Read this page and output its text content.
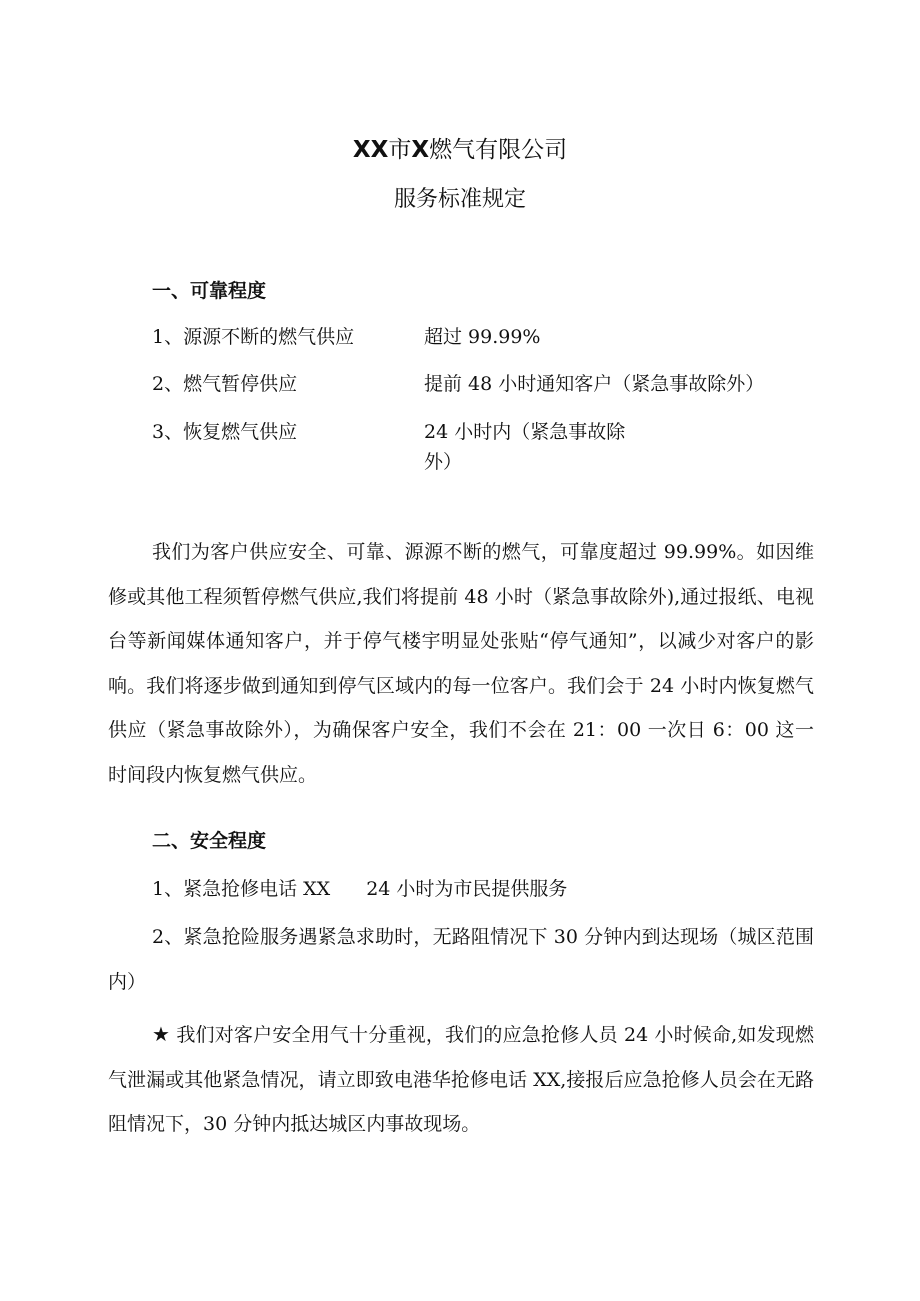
XX市X燃气有限公司
服务标准规定
一、可靠程度
1、源源不断的燃气供应	超过 99.99%
2、燃气暂停供应	提前 48 小时通知客户（紧急事故除外）
3、恢复燃气供应	24 小时内（紧急事故除外）

我们为客户供应安全、可靠、源源不断的燃气，可靠度超过 99.99%。如因维修或其他工程须暂停燃气供应,我们将提前 48 小时（紧急事故除外),通过报纸、电视台等新闻媒体通知客户，并于停气楼宇明显处张贴“停气通知”，以减少对客户的影响。我们将逐步做到通知到停气区域内的每一位客户。我们会于 24 小时内恢复燃气供应（紧急事故除外），为确保客户安全，我们不会在 21：00 一次日 6：00 这一时间段内恢复燃气供应。

二、安全程度
1、紧急抢修电话 XX 24 小时为市民提供服务

2、紧急抢险服务遇紧急求助时，无路阻情况下 30 分钟内到达现场（城区范围内）

★ 我们对客户安全用气十分重视，我们的应急抢修人员 24 小时候命,如发现燃气泄漏或其他紧急情况，请立即致电港华抢修电话 XX,接报后应急抢修人员会在无路阻情况下，30 分钟内抵达城区内事故现场。
